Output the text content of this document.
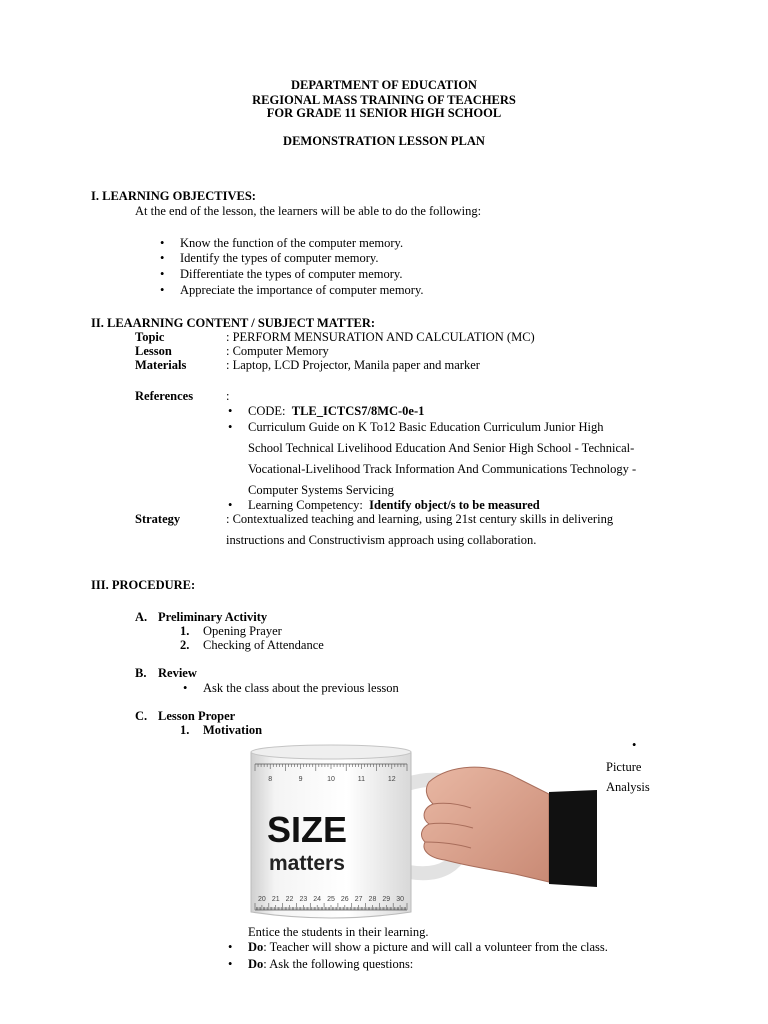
DEPARTMENT OF EDUCATION
REGIONAL MASS TRAINING OF TEACHERS
FOR GRADE 11 SENIOR HIGH SCHOOL
DEMONSTRATION LESSON PLAN
I. LEARNING OBJECTIVES:
At the end of the lesson, the learners will be able to do the following:
• Know the function of the computer memory.
• Identify the types of computer memory.
• Differentiate the types of computer memory.
• Appreciate the importance of computer memory.
II. LEAARNING CONTENT / SUBJECT MATTER:
Topic	: PERFORM MENSURATION AND CALCULATION (MC)
Lesson	: Computer Memory
Materials	: Laptop, LCD Projector, Manila paper and marker
References	:
• CODE: TLE_ICTCS7/8MC-0e-1
• Curriculum Guide on K To12 Basic Education Curriculum Junior High
School Technical Livelihood Education And Senior High School - Technical-
Vocational-Livelihood Track Information And Communications Technology -
Computer Systems Servicing
• Learning Competency: Identify object/s to be measured
Strategy	: Contextualized teaching and learning, using 21st century skills in delivering
instructions and Constructivism approach using collaboration.
III. PROCEDURE:
A. Preliminary Activity
1. Opening Prayer
2. Checking of Attendance
B. Review
• Ask the class about the previous lesson
C. Lesson Proper
1. Motivation
•
Picture
Analysis
8	9	10	11	12
20 21 22 23 24 25 26 27 28 29 30
SIZE
matters
Entice the students in their learning.
• Do: Teacher will show a picture and will call a volunteer from the class.
• Do: Ask the following questions:
